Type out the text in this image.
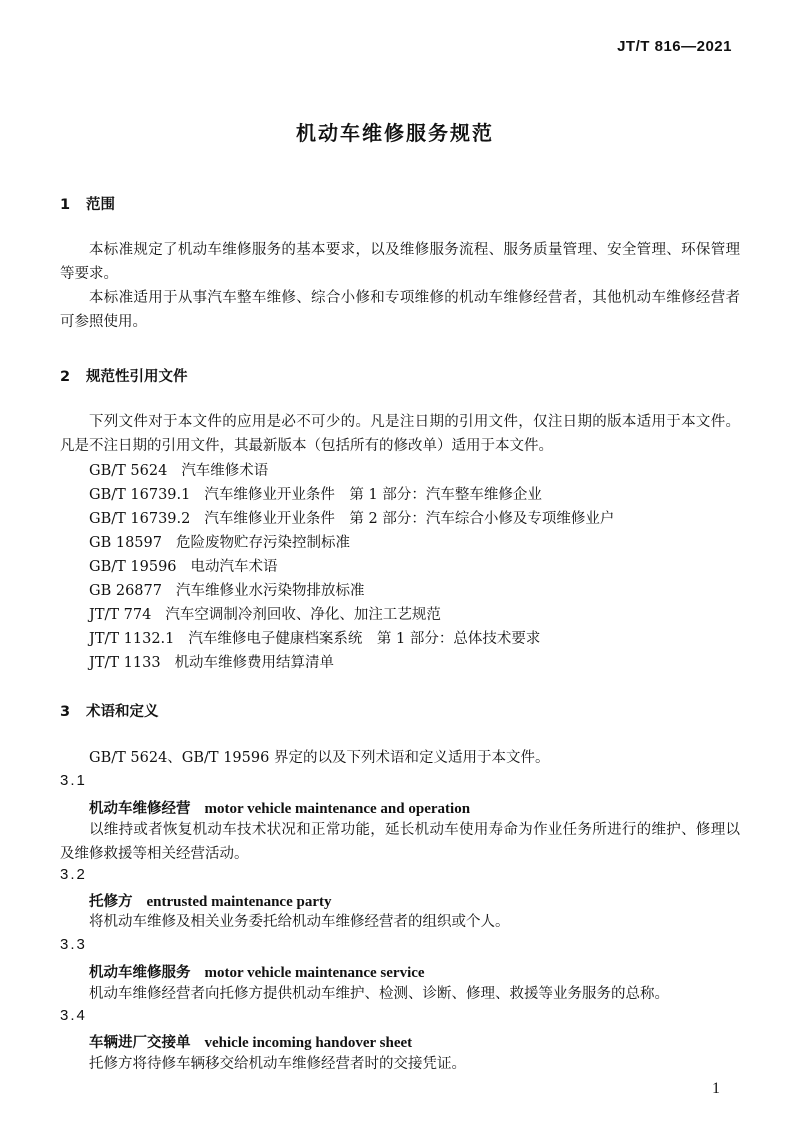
JT/T 816—2021
机动车维修服务规范
1 范围
本标准规定了机动车维修服务的基本要求，以及维修服务流程、服务质量管理、安全管理、环保管理等要求。
本标准适用于从事汽车整车维修、综合小修和专项维修的机动车维修经营者，其他机动车维修经营者可参照使用。
2 规范性引用文件
下列文件对于本文件的应用是必不可少的。凡是注日期的引用文件，仅注日期的版本适用于本文件。凡是不注日期的引用文件，其最新版本（包括所有的修改单）适用于本文件。
GB/T 5624 汽车维修术语
GB/T 16739.1 汽车维修业开业条件　第 1 部分：汽车整车维修企业
GB/T 16739.2 汽车维修业开业条件　第 2 部分：汽车综合小修及专项维修业户
GB 18597 危险废物贮存污染控制标准
GB/T 19596 电动汽车术语
GB 26877 汽车维修业水污染物排放标准
JT/T 774 汽车空调制冷剂回收、净化、加注工艺规范
JT/T 1132.1 汽车维修电子健康档案系统　第 1 部分：总体技术要求
JT/T 1133 机动车维修费用结算清单
3 术语和定义
GB/T 5624、GB/T 19596 界定的以及下列术语和定义适用于本文件。
3.1
机动车维修经营 motor vehicle maintenance and operation
以维持或者恢复机动车技术状况和正常功能，延长机动车使用寿命为作业任务所进行的维护、修理以及维修救援等相关经营活动。
3.2
托修方 entrusted maintenance party
将机动车维修及相关业务委托给机动车维修经营者的组织或个人。
3.3
机动车维修服务 motor vehicle maintenance service
机动车维修经营者向托修方提供机动车维护、检测、诊断、修理、救援等业务服务的总称。
3.4
车辆进厂交接单 vehicle incoming handover sheet
托修方将待修车辆移交给机动车维修经营者时的交接凭证。
1
